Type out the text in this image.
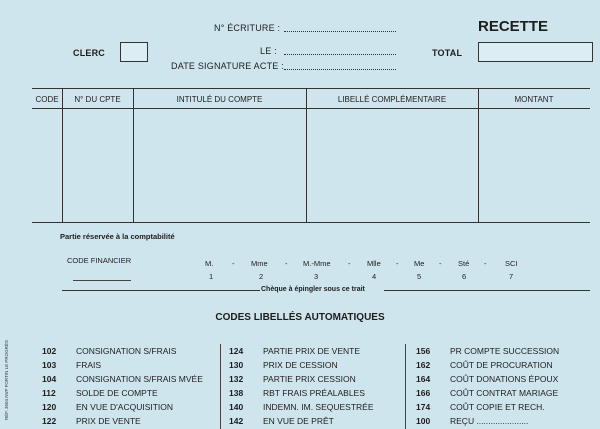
N° ÉCRITURE :	RECETTE
CLERC	LE :	TOTAL
DATE SIGNATURE ACTE :
CODE	N° DU CPTE	INTITULÉ DU COMPTE	LIBELLÉ COMPLÉMENTAIRE	MONTANT
Partie réservée à la comptabilité
CODE FINANCIER	M.
1
- Mme
2
- M.-Mme
3
- Mlle
4
- Me
5
- Sté
6
- SCI
7
Chèque à épingler sous ce trait
CODES LIBELLÉS AUTOMATIQUES
102	CONSIGNATION S/FRAIS
103	FRAIS
104	CONSIGNATION S/FRAIS MVÉE
112	SOLDE DE COMPTE
120	EN VUE D'ACQUISITION
122	PRIX DE VENTE
124	PARTIE PRIX DE VENTE
130	PRIX DE CESSION
132	PARTIE PRIX CESSION
138	RBT FRAIS PRÉALABLES
140	INDEMN. IM. SEQUESTRÉE
142	EN VUE DE PRÊT
156	PR COMPTE SUCCESSION
162	COÛT DE PROCURATION
164	COÛT DONATIONS ÉPOUX
166	COÛT CONTRAT MARIAGE
174	COÛT COPIE ET RECH.
100	REÇU ......................
RÉF. 3504 NVP FORTIN LE PROGRÈS
